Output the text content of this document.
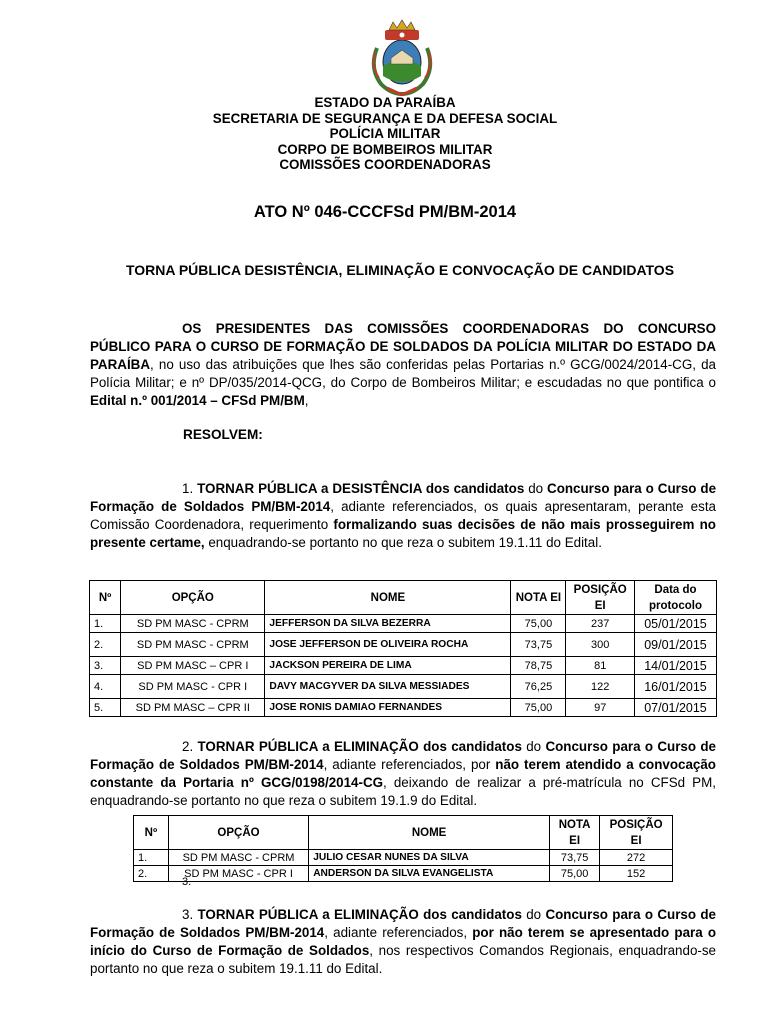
ESTADO DA PARAÍBA
SECRETARIA DE SEGURANÇA E DA DEFESA SOCIAL
POLÍCIA MILITAR
CORPO DE BOMBEIROS MILITAR
COMISSÕES COORDENADORAS
ATO Nº 046-CCCFSd PM/BM-2014
TORNA PÚBLICA DESISTÊNCIA, ELIMINAÇÃO E CONVOCAÇÃO DE CANDIDATOS
OS PRESIDENTES DAS COMISSÕES COORDENADORAS DO CONCURSO PÚBLICO PARA O CURSO DE FORMAÇÃO DE SOLDADOS DA POLÍCIA MILITAR DO ESTADO DA PARAÍBA, no uso das atribuições que lhes são conferidas pelas Portarias n.º GCG/0024/2014-CG, da Polícia Militar; e nº DP/035/2014-QCG, do Corpo de Bombeiros Militar; e escudadas no que pontifica o Edital n.º 001/2014 – CFSd PM/BM,
RESOLVEM:
1. TORNAR PÚBLICA a DESISTÊNCIA dos candidatos do Concurso para o Curso de Formação de Soldados PM/BM-2014, adiante referenciados, os quais apresentaram, perante esta Comissão Coordenadora, requerimento formalizando suas decisões de não mais prosseguirem no presente certame, enquadrando-se portanto no que reza o subitem 19.1.11 do Edital.
Nº	OPÇÃO	NOME	NOTA EI	POSIÇÃO EI	Data do protocolo
1.	SD PM MASC - CPRM	JEFFERSON DA SILVA BEZERRA	75,00	237	05/01/2015
2.	SD PM MASC - CPRM	JOSE JEFFERSON DE OLIVEIRA ROCHA	73,75	300	09/01/2015
3.	SD PM MASC – CPR I	JACKSON PEREIRA DE LIMA	78,75	81	14/01/2015
4.	SD PM MASC - CPR I	DAVY MACGYVER DA SILVA MESSIADES	76,25	122	16/01/2015
5.	SD PM MASC – CPR II	JOSE RONIS DAMIAO FERNANDES	75,00	97	07/01/2015
2. TORNAR PÚBLICA a ELIMINAÇÃO dos candidatos do Concurso para o Curso de Formação de Soldados PM/BM-2014, adiante referenciados, por não terem atendido a convocação constante da Portaria nº GCG/0198/2014-CG, deixando de realizar a pré-matrícula no CFSd PM, enquadrando-se portanto no que reza o subitem 19.1.9 do Edital.
Nº	OPÇÃO	NOME	NOTA EI	POSIÇÃO EI
1.	SD PM MASC - CPRM	JULIO CESAR NUNES DA SILVA	73,75	272
2.	SD PM MASC - CPR I	ANDERSON DA SILVA EVANGELISTA	75,00	152
3.
3. TORNAR PÚBLICA a ELIMINAÇÃO dos candidatos do Concurso para o Curso de Formação de Soldados PM/BM-2014, adiante referenciados, por não terem se apresentado para o início do Curso de Formação de Soldados, nos respectivos Comandos Regionais, enquadrando-se portanto no que reza o subitem 19.1.11 do Edital.
